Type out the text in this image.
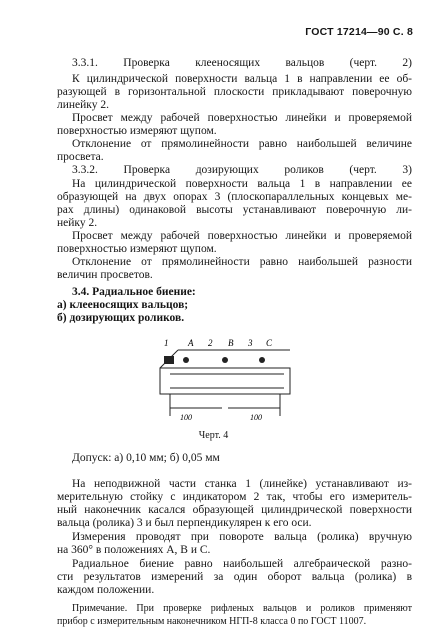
ГОСТ 17214—90 С. 8
3.3.1. Проверка клееносящих вальцов (черт. 2)
К цилиндрической поверхности вальца 1 в направлении ее об-
разующей в горизонтальной плоскости прикладывают поверочную
линейку 2.
Просвет между рабочей поверхностью линейки и проверяемой
поверхностью измеряют щупом.
Отклонение от прямолинейности равно наибольшей величине
просвета.
3.3.2. Проверка дозирующих роликов (черт. 3)
На цилиндрической поверхности вальца 1 в направлении ее
образующей на двух опорах 3 (плоскопараллельных концевых ме-
рах длины) одинаковой высоты устанавливают поверочную ли-
нейку 2.
Просвет между рабочей поверхностью линейки и проверяемой
поверхностью измеряют щупом.
Отклонение от прямолинейности равно наибольшей разности
величин просветов.
3.4. Радиальное биение:
а) клееносящих вальцов;
б) дозирующих роликов.
1 А 2 В 3 С
100	100
Черт. 4
Допуск: а) 0,10 мм; б) 0,05 мм
На неподвижной части станка 1 (линейке) устанавливают из-
мерительную стойку с индикатором 2 так, чтобы его измеритель-
ный наконечник касался образующей цилиндрической поверхности
вальца (ролика) 3 и был перпендикулярен к его оси.
Измерения проводят при повороте вальца (ролика) вручную
на 360° в положениях А, В и С.
Радиальное биение равно наибольшей алгебраической разно-
сти результатов измерений за один оборот вальца (ролика) в
каждом положении.
Примечание. При проверке рифленых вальцов и роликов применяют
прибор с измерительным наконечником НГП-8 класса 0 по ГОСТ 11007.
